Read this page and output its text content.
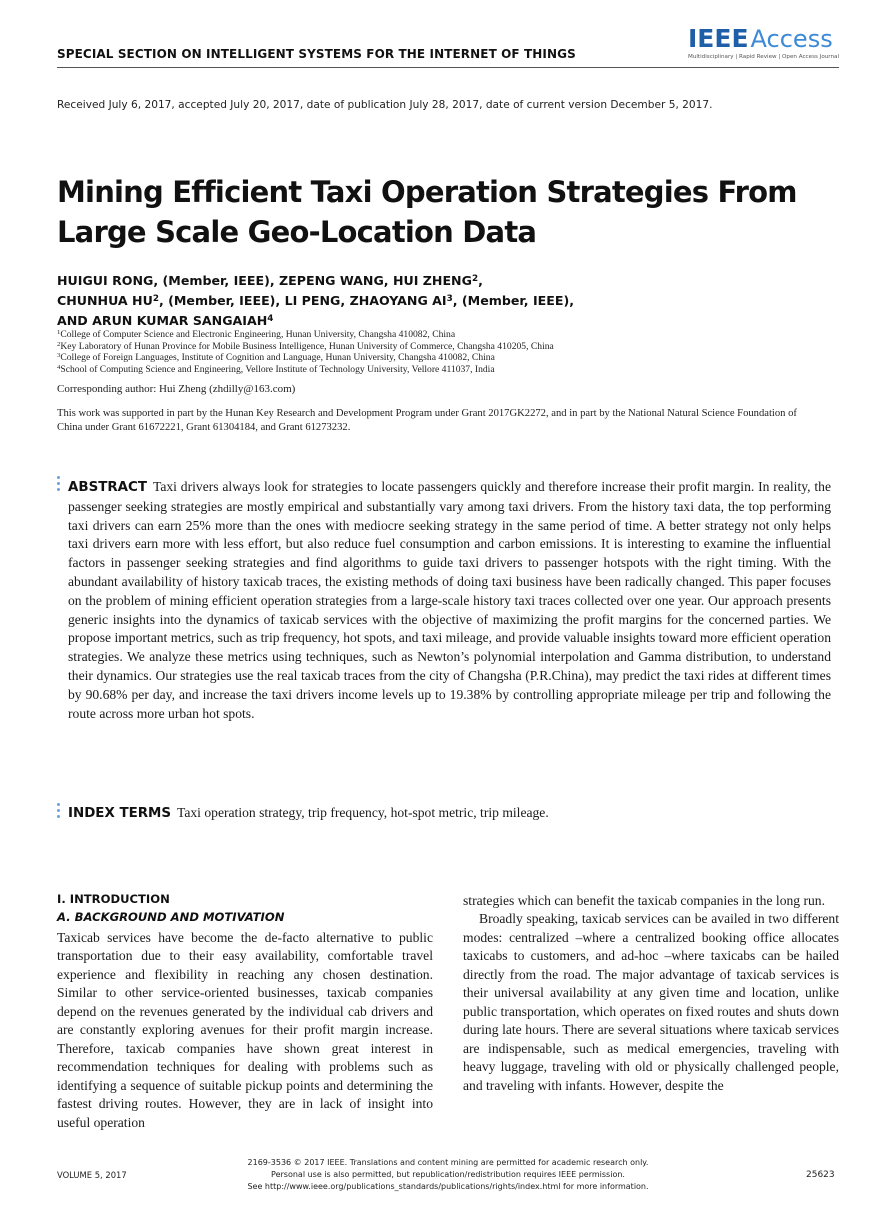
SPECIAL SECTION ON INTELLIGENT SYSTEMS FOR THE INTERNET OF THINGS
IEEEAccess
Multidisciplinary | Rapid Review | Open Access Journal
Received July 6, 2017, accepted July 20, 2017, date of publication July 28, 2017, date of current version December 5, 2017.
Mining Efficient Taxi Operation Strategies From Large Scale Geo-Location Data
HUIGUI RONG, (Member, IEEE), ZEPENG WANG, HUI ZHENG$^2$,
CHUNHUA $HU^2$, (Member, IEEE), LI PENG, ZHAOYANG $AI^3$, (Member, IEEE),
AND ARUN KUMAR SANGAIAH$^4$
$^1$College of Computer Science and Electronic Engineering, Hunan University, Changsha 410082, China
$^2$Key Laboratory of Hunan Province for Mobile Business Intelligence, Hunan University of Commerce, Changsha 410205, China
$^3$College of Foreign Languages, Institute of Cognition and Language, Hunan University, Changsha 410082, China
$^4$School of Computing Science and Engineering, Vellore Institute of Technology University, Vellore 411037, India
Corresponding author: Hui Zheng (zhdilly@163.com)
This work was supported in part by the Hunan Key Research and Development Program under Grant 2017GK2272, and in part by the National Natural Science Foundation of China under Grant 61672221, Grant 61304184, and Grant 61273232.
ABSTRACT Taxi drivers always look for strategies to locate passengers quickly and therefore increase their profit margin. In reality, the passenger seeking strategies are mostly empirical and substantially vary among taxi drivers. From the history taxi data, the top performing taxi drivers can earn 25% more than the ones with mediocre seeking strategy in the same period of time. A better strategy not only helps taxi drivers earn more with less effort, but also reduce fuel consumption and carbon emissions. It is interesting to examine the influential factors in passenger seeking strategies and find algorithms to guide taxi drivers to passenger hotspots with the right timing. With the abundant availability of history taxicab traces, the existing methods of doing taxi business have been radically changed. This paper focuses on the problem of mining efficient operation strategies from a large-scale history taxi traces collected over one year. Our approach presents generic insights into the dynamics of taxicab services with the objective of maximizing the profit margins for the concerned parties. We propose important metrics, such as trip frequency, hot spots, and taxi mileage, and provide valuable insights toward more efficient operation strategies. We analyze these metrics using techniques, such as Newton’s polynomial interpolation and Gamma distribution, to understand their dynamics. Our strategies use the real taxicab traces from the city of Changsha (P.R.China), may predict the taxi rides at different times by 90.68% per day, and increase the taxi drivers income levels up to 19.38% by controlling appropriate mileage per trip and following the route across more urban hot spots.
INDEX TERMS Taxi operation strategy, trip frequency, hot-spot metric, trip mileage.
I. INTRODUCTION
A. BACKGROUND AND MOTIVATION
Taxicab services have become the de-facto alternative to public transportation due to their easy availability, comfortable travel experience and flexibility in reaching any chosen destination. Similar to other service-oriented businesses, taxicab companies depend on the revenues generated by the individual cab drivers and are constantly exploring avenues for their profit margin increase. Therefore, taxicab companies have shown great interest in recommendation techniques for dealing with problems such as identifying a sequence of suitable pickup points and determining the fastest driving routes. However, they are in lack of insight into useful operation
strategies which can benefit the taxicab companies in the long run.
Broadly speaking, taxicab services can be availed in two different modes: centralized –where a centralized booking office allocates taxicabs to customers, and ad-hoc –where taxicabs can be hailed directly from the road. The major advantage of taxicab services is their universal availability at any given time and location, unlike public transportation, which operates on fixed routes and shuts down during late hours. There are several situations where taxicab services are indispensable, such as medical emergencies, traveling with heavy luggage, traveling with old or physically challenged people, and traveling with infants. However, despite the
2169-3536 © 2017 IEEE. Translations and content mining are permitted for academic research only.
Personal use is also permitted, but republication/redistribution requires IEEE permission.
See http://www.ieee.org/publications_standards/publications/rights/index.html for more information.
VOLUME 5, 2017	25623
